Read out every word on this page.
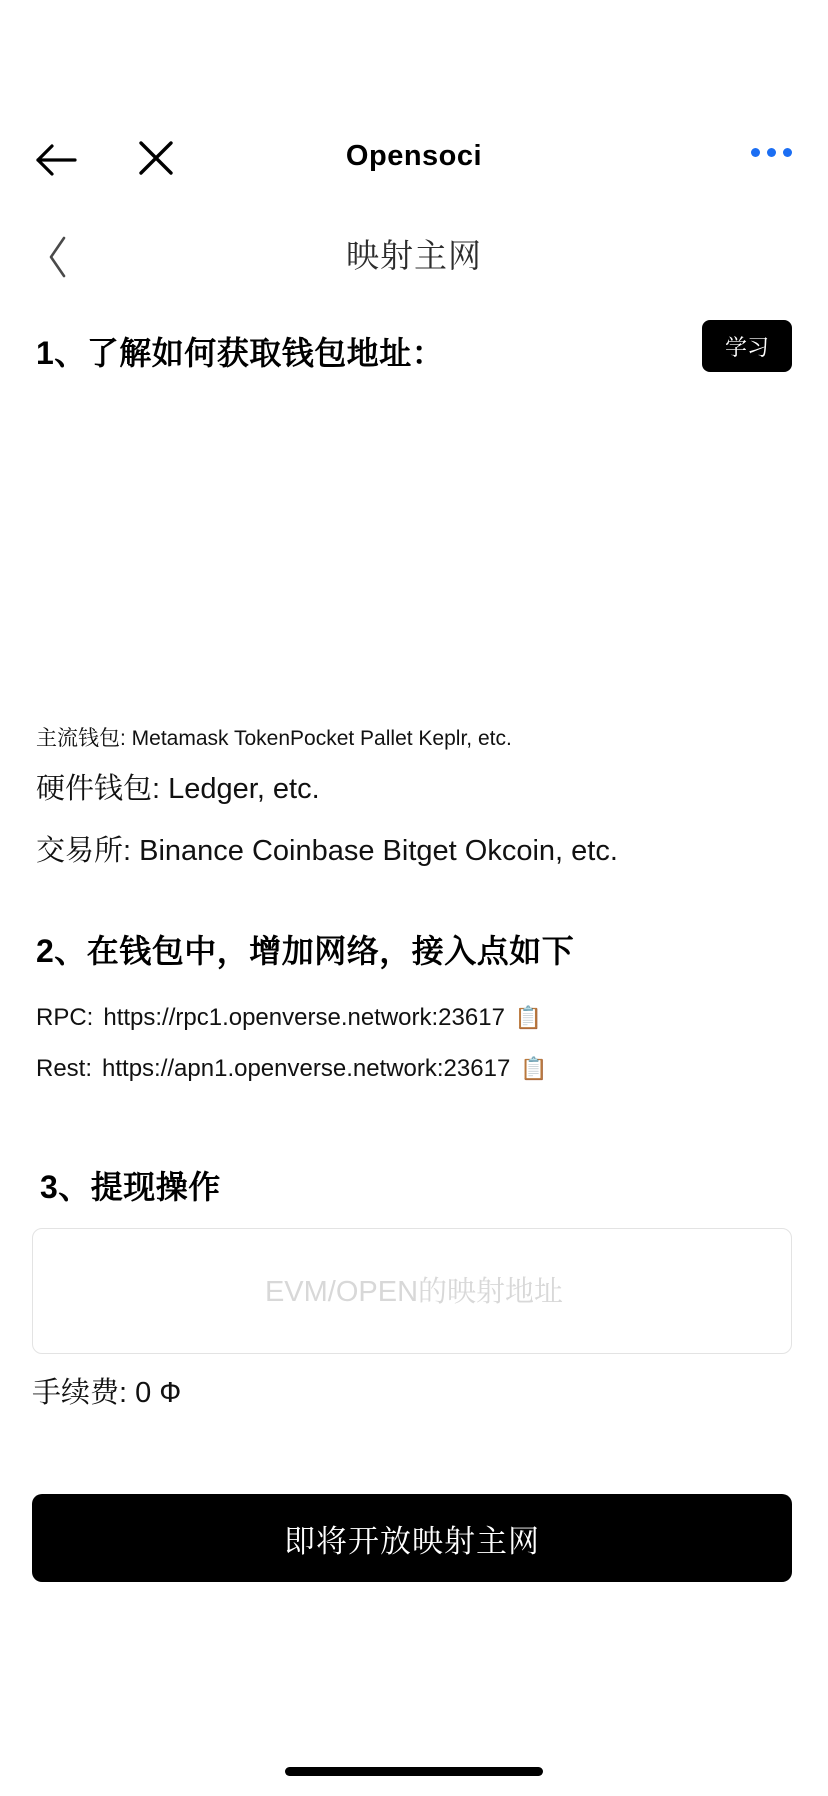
Opensoci
映射主网
1、了解如何获取钱包地址：	学习
主流钱包: Metamask TokenPocket Pallet Keplr, etc.
硬件钱包: Ledger, etc.
交易所: Binance Coinbase Bitget Okcoin, etc.
2、在钱包中，增加网络，接入点如下
RPC: https://rpc1.openverse.network:23617 📋
Rest: https://apn1.openverse.network:23617 📋
3、提现操作
EVM/OPEN的映射地址
手续费: 0 Ф
即将开放映射主网
